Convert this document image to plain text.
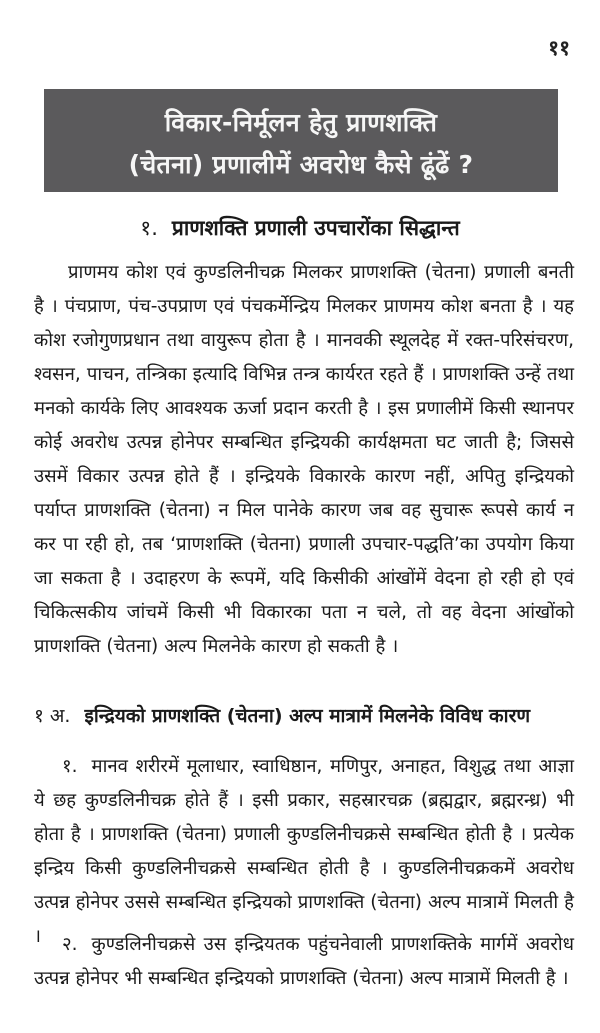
११
विकार-निर्मूलन हेतु प्राणशक्ति
(चेतना) प्रणालीमें अवरोध कैसे ढूंढें ?
१. प्राणशक्ति प्रणाली उपचारोंका सिद्धान्त

प्राणमय कोश एवं कुण्डलिनीचक्र मिलकर प्राणशक्ति (चेतना) प्रणाली बनती है । पंचप्राण, पंच-उपप्राण एवं पंचकर्मेन्द्रिय मिलकर प्राणमय कोश बनता है । यह कोश रजोगुणप्रधान तथा वायुरूप होता है । मानवकी स्थूलदेह में रक्त-परिसंचरण, श्वसन, पाचन, तन्त्रिका इत्यादि विभिन्न तन्त्र कार्यरत रहते हैं । प्राणशक्ति उन्हें तथा मनको कार्यके लिए आवश्यक ऊर्जा प्रदान करती है । इस प्रणालीमें किसी स्थानपर कोई अवरोध उत्पन्न होनेपर सम्बन्धित इन्द्रियकी कार्यक्षमता घट जाती है; जिससे उसमें विकार उत्पन्न होते हैं । इन्द्रियके विकारके कारण नहीं, अपितु इन्द्रियको पर्याप्त प्राणशक्ति (चेतना) न मिल पानेके कारण जब वह सुचारू रूपसे कार्य न कर पा रही हो, तब ‘प्राणशक्ति (चेतना) प्रणाली उपचार-पद्धति’का उपयोग किया जा सकता है । उदाहरण के रूपमें, यदि किसीकी आंखोंमें वेदना हो रही हो एवं चिकित्सकीय जांचमें किसी भी विकारका पता न चले, तो वह वेदना आंखोंको प्राणशक्ति (चेतना) अल्प मिलनेके कारण हो सकती है ।

१ अ. इन्द्रियको प्राणशक्ति (चेतना) अल्प मात्रामें मिलनेके विविध कारण

१. मानव शरीरमें मूलाधार, स्वाधिष्ठान, मणिपुर, अनाहत, विशुद्ध तथा आज्ञा ये छह कुण्डलिनीचक्र होते हैं । इसी प्रकार, सहस्रारचक्र (ब्रह्मद्वार, ब्रह्मरन्ध्र) भी होता है । प्राणशक्ति (चेतना) प्रणाली कुण्डलिनीचक्रसे सम्बन्धित होती है । प्रत्येक इन्द्रिय किसी कुण्डलिनीचक्रसे सम्बन्धित होती है । कुण्डलिनीचक्रकमें अवरोध उत्पन्न होनेपर उससे सम्बन्धित इन्द्रियको प्राणशक्ति (चेतना) अल्प मात्रामें मिलती है ।	२. कुण्डलिनीचक्रसे उस इन्द्रियतक पहुंचनेवाली प्राणशक्तिके मार्गमें अवरोध उत्पन्न होनेपर भी सम्बन्धित इन्द्रियको प्राणशक्ति (चेतना) अल्प मात्रामें मिलती है ।
